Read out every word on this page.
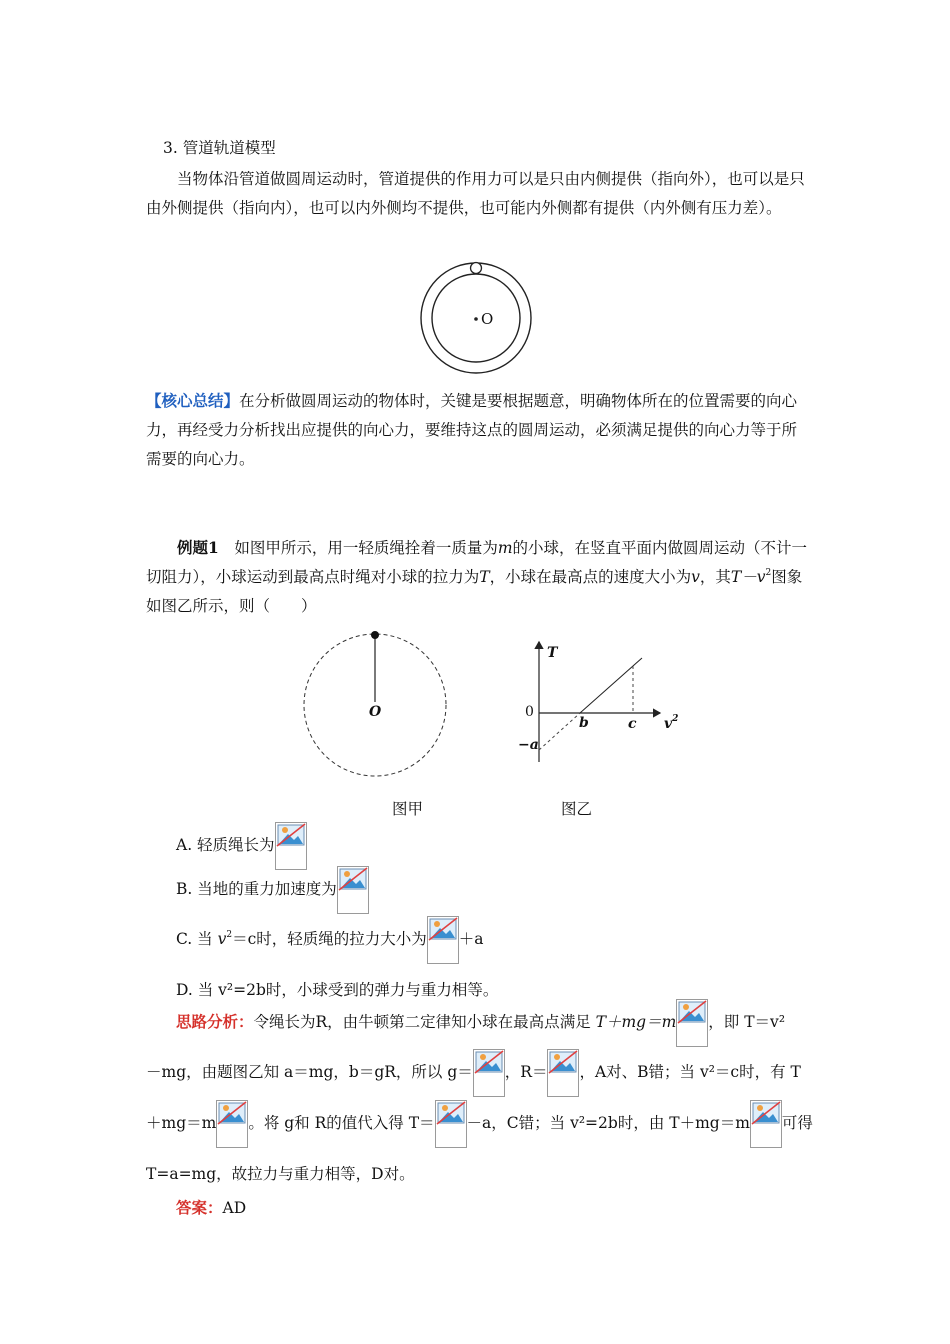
3. 管道轨道模型
当物体沿管道做圆周运动时，管道提供的作用力可以是只由内侧提供（指向外），也可以是只由外侧提供（指向内），也可以内外侧均不提供，也可能内外侧都有提供（内外侧有压力差）。
O
【核心总结】在分析做圆周运动的物体时，关键是要根据题意，明确物体所在的位置需要的向心力，再经受力分析找出应提供的向心力，要维持这点的圆周运动，必须满足提供的向心力等于所需要的向心力。
例题1　 如图甲所示，用一轻质绳拴着一质量为m的小球，在竖直平面内做圆周运动（不计一切阻力），小球运动到最高点时绳对小球的拉力为T，小球在最高点的速度大小为v，其$T-v^2$图象如图乙所示，则（　　）
O
图甲
T
0
b	c $v^2$
−a
图乙
A. 轻质绳长为
B. 当地的重力加速度为
C. 当 $v^2=c$时，轻质绳的拉力大小为 ＋a
D. 当 v²=2b时，小球受到的弹力与重力相等。
思路分析：令绳长为R，由牛顿第二定律知小球在最高点满足 T＋mg＝m ，即 T＝v²
－mg，由题图乙知 a＝mg，b＝gR，所以 g＝ ，R＝ ，A对、B错；当 v²＝c时，有 T
＋mg＝m 。将 g和 R的值代入得 T＝ －a，C错；当 v²=2b时，由 T＋mg＝m 可得
T=a=mg，故拉力与重力相等，D对。
答案：AD
